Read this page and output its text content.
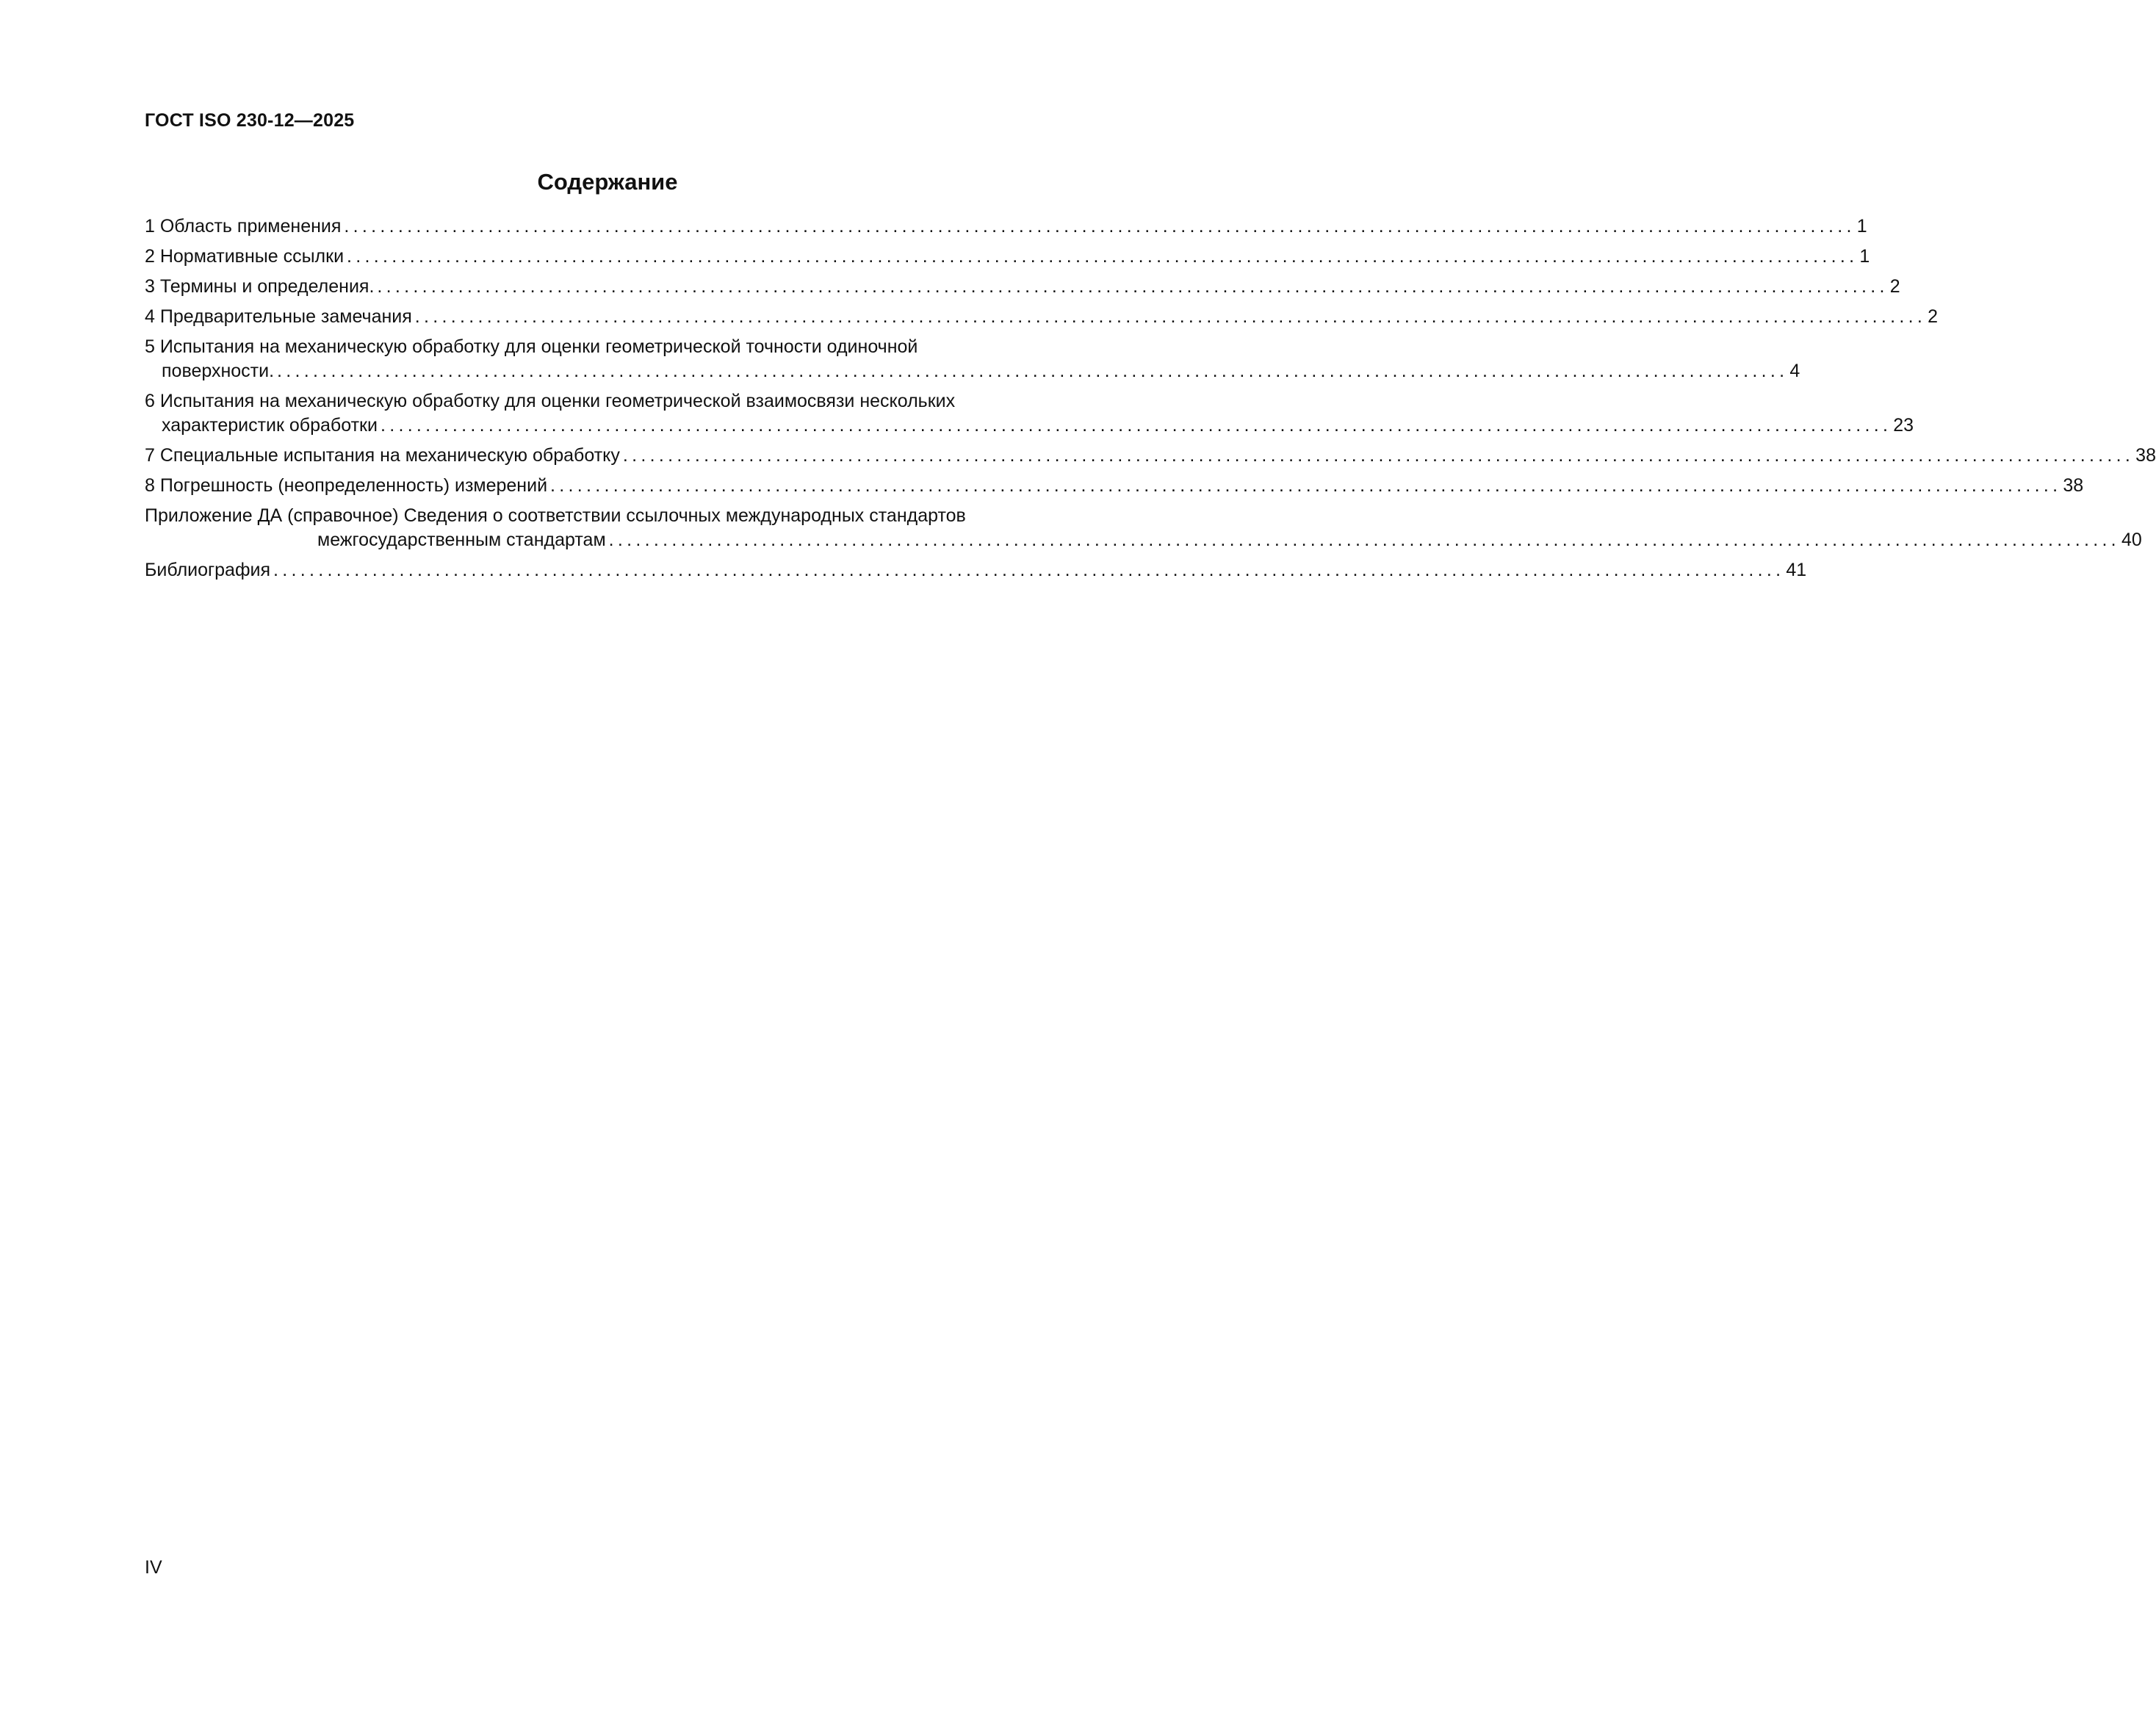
ГОСТ ISO 230-12—2025
Содержание
1 Область применения ........................................................................................................................................................................ 1
2 Нормативные ссылки ........................................................................................................................................................................ 1
3 Термины и определения. ........................................................................................................................................................................ 2
4 Предварительные замечания ........................................................................................................................................................................ 2
5 Испытания на механическую обработку для оценки геометрической точности одиночной
поверхности. ........................................................................................................................................................................ 4
6 Испытания на механическую обработку для оценки геометрической взаимосвязи нескольких
характеристик обработки ........................................................................................................................................................................ 23
7 Специальные испытания на механическую обработку ........................................................................................................................................................................ 38
8 Погрешность (неопределенность) измерений ........................................................................................................................................................................ 38
Приложение ДА (справочное) Сведения о соответствии ссылочных международных стандартов
межгосударственным стандартам ........................................................................................................................................................................ 40
Библиография ........................................................................................................................................................................ 41
IV
